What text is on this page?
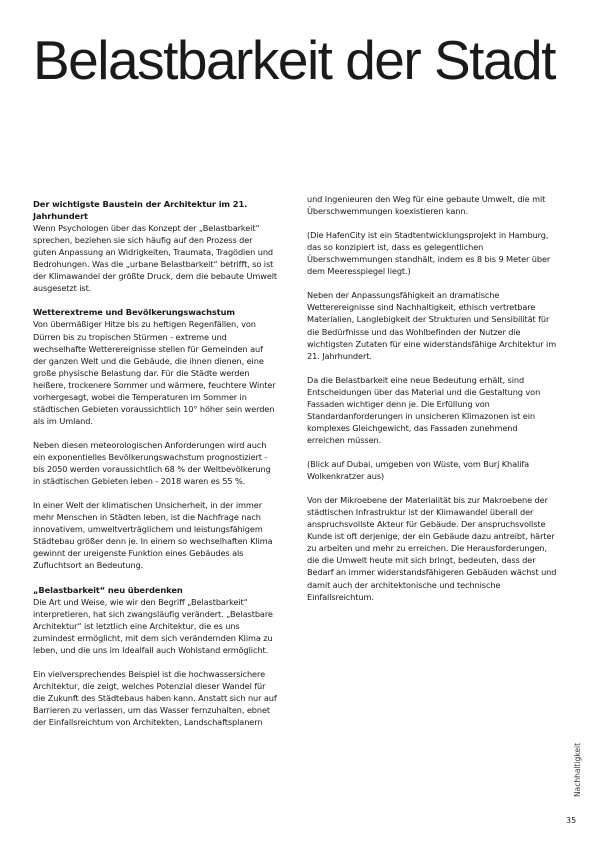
Belastbarkeit der Stadt
Der wichtigste Baustein der Architektur im 21. Jahrhundert

Wenn Psychologen über das Konzept der „Belastbarkeit“ sprechen, beziehen sie sich häufig auf den Prozess der guten Anpassung an Widrigkeiten, Traumata, Tragödien und Bedrohungen. Was die „urbane Belastbarkeit“ betrifft, so ist der Klimawandel der größte Druck, dem die bebaute Umwelt ausgesetzt ist.

Wetterextreme und Bevölkerungswachstum

Von übermäßiger Hitze bis zu heftigen Regenfällen, von Dürren bis zu tropischen Stürmen - extreme und wechselhafte Wetterereignisse stellen für Gemeinden auf der ganzen Welt und die Gebäude, die ihnen dienen, eine große physische Belastung dar. Für die Städte werden heißere, trockenere Sommer und wärmere, feuchtere Winter vorhergesagt, wobei die Temperaturen im Sommer in städtischen Gebieten voraussichtlich 10° höher sein werden als im Umland.

Neben diesen meteorologischen Anforderungen wird auch ein exponentielles Bevölkerungswachstum prognostiziert - bis 2050 werden voraussichtlich 68 % der Weltbevölkerung in städtischen Gebieten leben - 2018 waren es 55 %.

In einer Welt der klimatischen Unsicherheit, in der immer mehr Menschen in Städten leben, ist die Nachfrage nach innovativem, umweltverträglichem und leistungsfähigem Städtebau größer denn je. In einem so wechselhaften Klima gewinnt der ureigenste Funktion eines Gebäudes als Zufluchtsort an Bedeutung.

„Belastbarkeit“ neu überdenken

Die Art und Weise, wie wir den Begriff „Belastbarkeit“ interpretieren, hat sich zwangsläufig verändert. „Belastbare Architektur“ ist letztlich eine Architektur, die es uns zumindest ermöglicht, mit dem sich verändernden Klima zu leben, und die uns im Idealfall auch Wohlstand ermöglicht.

Ein vielversprechendes Beispiel ist die hochwassersichere Architektur, die zeigt, welches Potenzial dieser Wandel für die Zukunft des Städtebaus haben kann. Anstatt sich nur auf Barrieren zu verlassen, um das Wasser fernzuhalten, ebnet der Einfallsreichtum von Architekten, Landschaftsplanern

und Ingenieuren den Weg für eine gebaute Umwelt, die mit Überschwemmungen koexistieren kann.

(Die HafenCity ist ein Stadtentwicklungsprojekt in Hamburg, das so konzipiert ist, dass es gelegentlichen Überschwemmungen standhält, indem es 8 bis 9 Meter über dem Meeresspiegel liegt.)

Neben der Anpassungsfähigkeit an dramatische Wetterereignisse sind Nachhaltigkeit, ethisch vertretbare Materialien, Langlebigkeit der Strukturen und Sensibilität für die Bedürfnisse und das Wohlbefinden der Nutzer die wichtigsten Zutaten für eine widerstandsfähige Architektur im 21. Jahrhundert.

Da die Belastbarkeit eine neue Bedeutung erhält, sind Entscheidungen über das Material und die Gestaltung von Fassaden wichtiger denn je. Die Erfüllung von Standardanforderungen in unsicheren Klimazonen ist ein komplexes Gleichgewicht, das Fassaden zunehmend erreichen müssen.

(Blick auf Dubai, umgeben von Wüste, vom Burj Khalifa Wolkenkratzer aus)

Von der Mikroebene der Materialität bis zur Makroebene der städtischen Infrastruktur ist der Klimawandel überall der anspruchsvollste Akteur für Gebäude. Der anspruchsvollste Kunde ist oft derjenige, der ein Gebäude dazu antreibt, härter zu arbeiten und mehr zu erreichen. Die Herausforderungen, die die Umwelt heute mit sich bringt, bedeuten, dass der Bedarf an immer widerstandsfähigeren Gebäuden wächst und damit auch der architektonische und technische Einfallsreichtum.

Nachhaltigkeit
35
